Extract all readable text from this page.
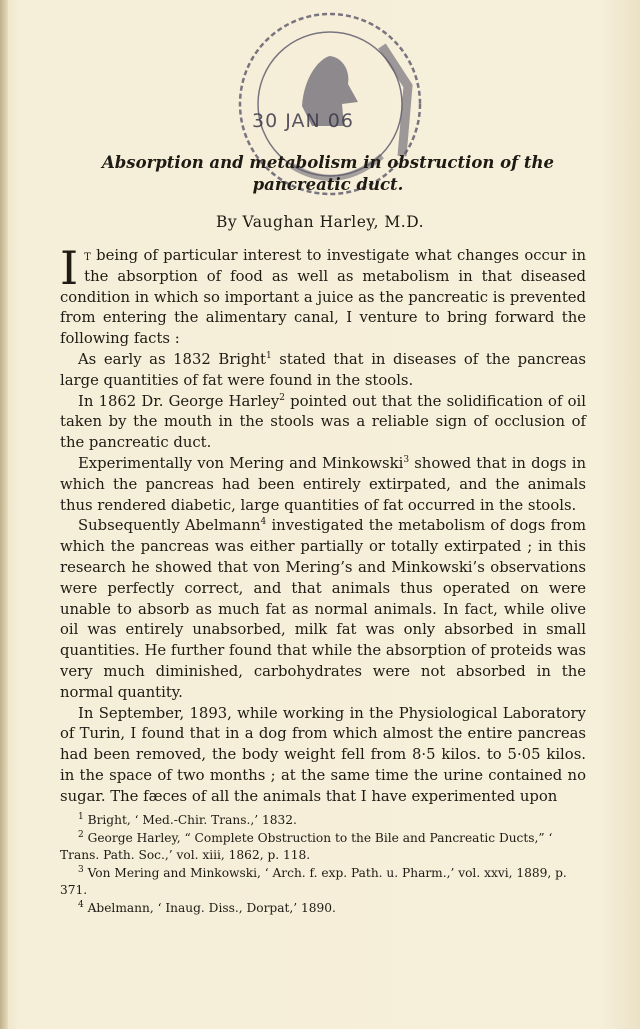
30 JAN 06
Absorption and metabolism in obstruction of the pancreatic duct.
By Vaughan Harley, M.D.

It being of particular interest to investigate what changes occur in the absorption of food as well as metabolism in that diseased condition in which so important a juice as the pancreatic is prevented from entering the alimentary canal, I venture to bring forward the following facts :

As early as 1832 Bright$^1$ stated that in diseases of the pancreas large quantities of fat were found in the stools.

In 1862 Dr. George Harley$^2$ pointed out that the solidification of oil taken by the mouth in the stools was a reliable sign of occlusion of the pancreatic duct.

Experimentally von Mering and Minkowski$^3$ showed that in dogs in which the pancreas had been entirely extirpated, and the animals thus rendered diabetic, large quantities of fat occurred in the stools.

Subsequently Abelmann$^4$ investigated the metabolism of dogs from which the pancreas was either partially or totally extirpated ; in this research he showed that von Mering’s and Minkowski’s observations were perfectly correct, and that animals thus operated on were unable to absorb as much fat as normal animals. In fact, while olive oil was entirely unabsorbed, milk fat was only absorbed in small quantities. He further found that while the absorption of proteids was very much diminished, carbohydrates were not absorbed in the normal quantity.

In September, 1893, while working in the Physiological Laboratory of Turin, I found that in a dog from which almost the entire pancreas had been removed, the body weight fell from 8·5 kilos. to 5·05 kilos. in the space of two months ; at the same time the urine contained no sugar. The fæces of all the animals that I have experimented upon

$^1$ Bright, ‘ Med.-Chir. Trans.,’ 1832.

$^2$ George Harley, “ Complete Obstruction to the Bile and Pancreatic Ducts,” ‘ Trans. Path. Soc.,’ vol. xiii, 1862, p. 118.

$^3$ Von Mering and Minkowski, ‘ Arch. f. exp. Path. u. Pharm.,’ vol. xxvi, 1889, p. 371.

$^4$ Abelmann, ‘ Inaug. Diss., Dorpat,’ 1890.
